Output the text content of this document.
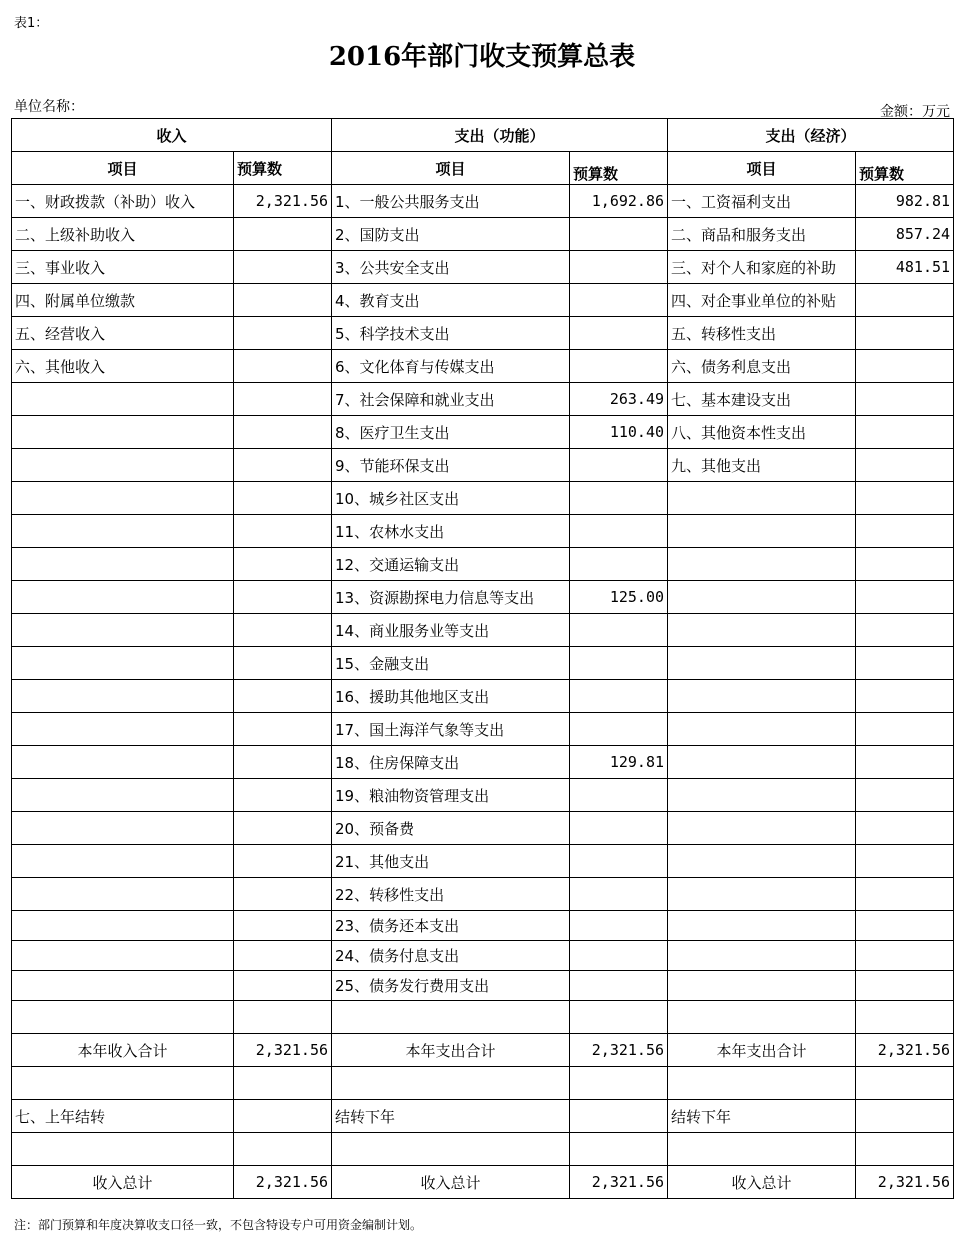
表1：
2016年部门收支预算总表
单位名称：	金额：万元
收入		支出（功能）		支出（经济）	
项目	预算数	项目	预算数	项目	预算数
一、财政拨款（补助）收入	2,321.56	1、一般公共服务支出	1,692.86	一、工资福利支出	982.81
二、上级补助收入		2、国防支出		二、商品和服务支出	857.24
三、事业收入		3、公共安全支出		三、对个人和家庭的补助	481.51
四、附属单位缴款		4、教育支出		四、对企事业单位的补贴	
五、经营收入		5、科学技术支出		五、转移性支出	
六、其他收入		6、文化体育与传媒支出		六、债务利息支出	
		7、社会保障和就业支出	263.49	七、基本建设支出	
		8、医疗卫生支出	110.40	八、其他资本性支出	
		9、节能环保支出		九、其他支出	
		10、城乡社区支出			
		11、农林水支出			
		12、交通运输支出			
		13、资源勘探电力信息等支出	125.00		
		14、商业服务业等支出			
		15、金融支出			
		16、援助其他地区支出			
		17、国土海洋气象等支出			
		18、住房保障支出	129.81		
		19、粮油物资管理支出			
		20、预备费			
		21、其他支出			
		22、转移性支出			
		23、债务还本支出			
		24、债务付息支出			
		25、债务发行费用支出			

本年收入合计	2,321.56	本年支出合计	2,321.56	本年支出合计	2,321.56

七、上年结转		结转下年		结转下年	

收入总计	2,321.56	收入总计	2,321.56	收入总计	2,321.56
注：部门预算和年度决算收支口径一致，不包含特设专户可用资金编制计划。
